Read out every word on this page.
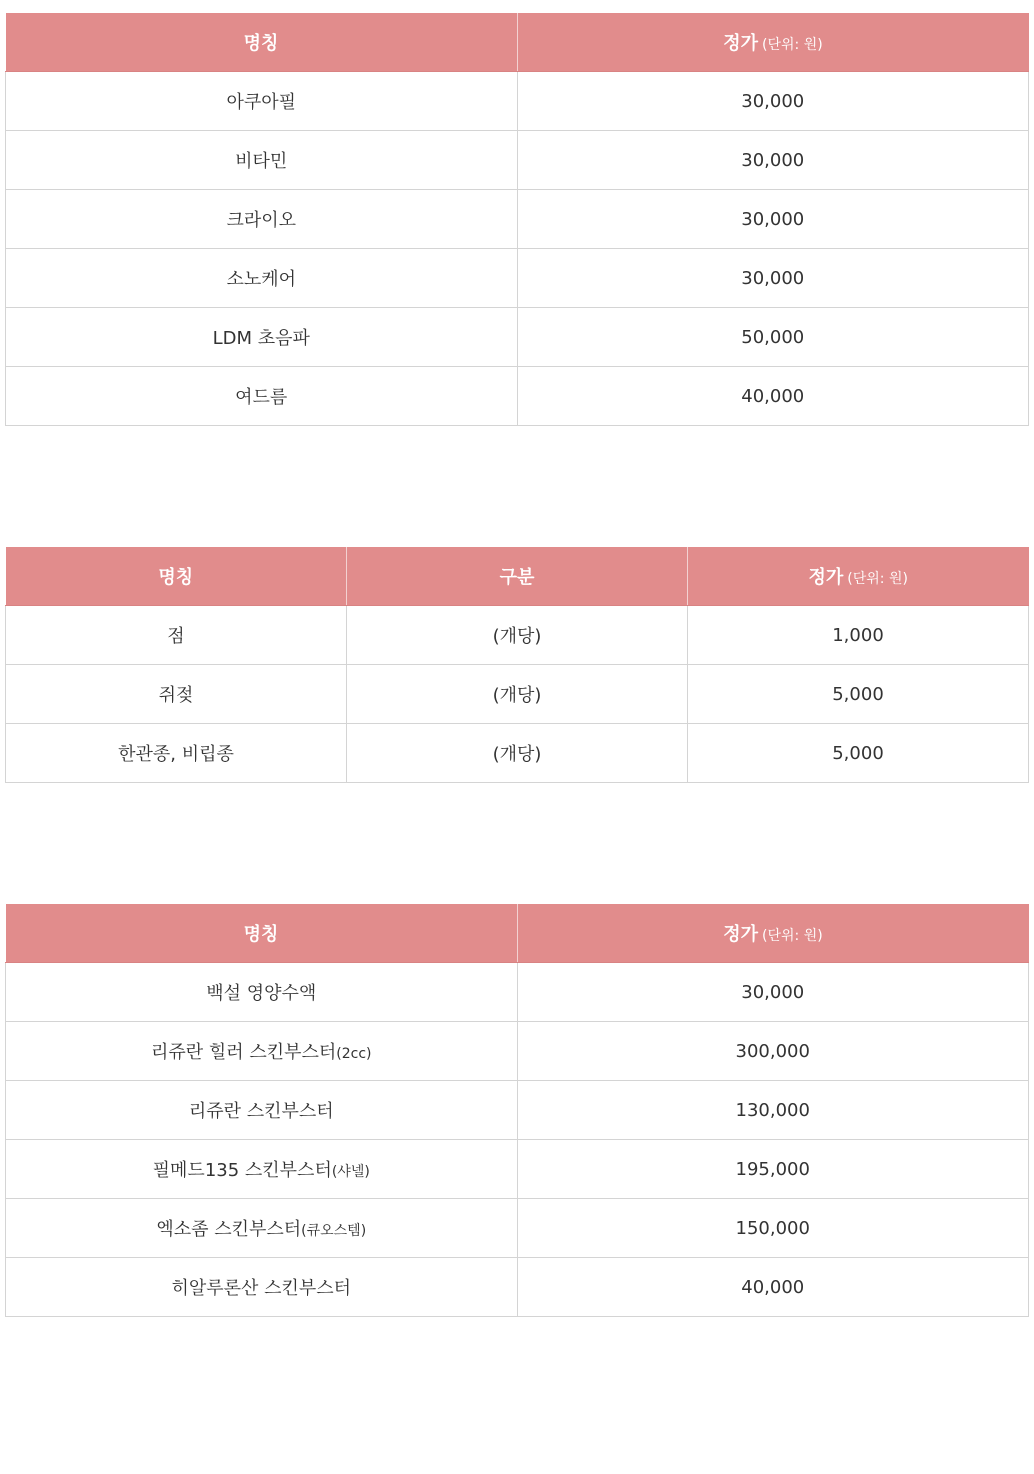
명칭	정가 (단위: 원)
아쿠아필	30,000
비타민	30,000
크라이오	30,000
소노케어	30,000
LDM 초음파	50,000
여드름	40,000
명칭	구분	정가 (단위: 원)
점	(개당)	1,000
쥐젖	(개당)	5,000
한관종, 비립종	(개당)	5,000
명칭	정가 (단위: 원)
백설 영양수액	30,000
리쥬란 힐러 스킨부스터(2cc)	300,000
리쥬란 스킨부스터	130,000
필메드135 스킨부스터(샤넬)	195,000
엑소좀 스킨부스터(큐오스템)	150,000
히알루론산 스킨부스터	40,000
